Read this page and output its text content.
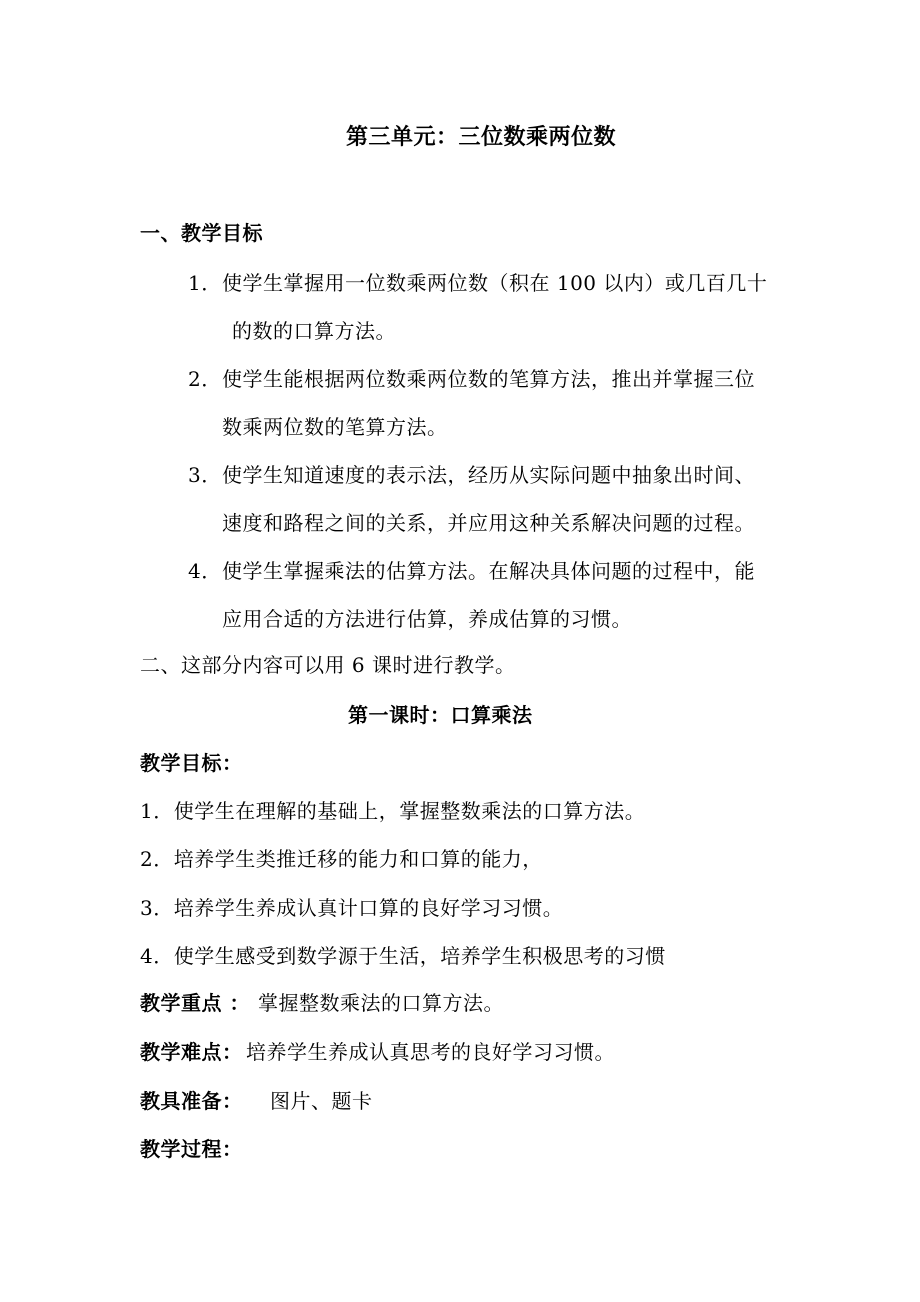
第三单元：三位数乘两位数
一、教学目标
1． 使学生掌握用一位数乘两位数（积在 100 以内）或几百几十
的数的口算方法。
2． 使学生能根据两位数乘两位数的笔算方法，推出并掌握三位
数乘两位数的笔算方法。
3． 使学生知道速度的表示法，经历从实际问题中抽象出时间、
速度和路程之间的关系，并应用这种关系解决问题的过程。
4． 使学生掌握乘法的估算方法。在解决具体问题的过程中，能
应用合适的方法进行估算，养成估算的习惯。
二、这部分内容可以用 6 课时进行教学。
第一课时：口算乘法
教学目标：
1．使学生在理解的基础上，掌握整数乘法的口算方法。
2．培养学生类推迁移的能力和口算的能力，
3．培养学生养成认真计口算的良好学习习惯。
4．使学生感受到数学源于生活，培养学生积极思考的习惯
教学重点 ： 掌握整数乘法的口算方法。
教学难点： 培养学生养成认真思考的良好学习习惯。
教具准备： 图片、题卡
教学过程：
